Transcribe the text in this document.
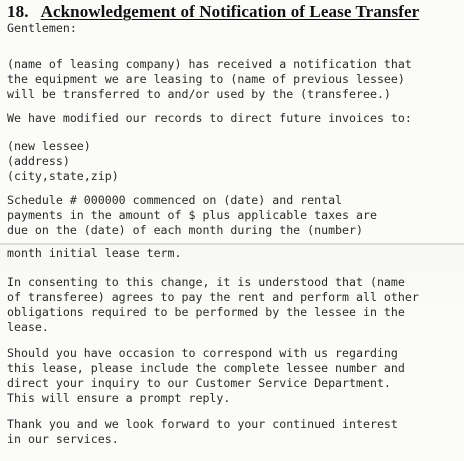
18. Acknowledgement of Notification of Lease Transfer
Gentlemen:
(name of leasing company) has received a notification that
the equipment we are leasing to (name of previous lessee)
will be transferred to and/or used by the (transferee.)
We have modified our records to direct future invoices to:
(new lessee)
(address)
(city,state,zip)
Schedule # 000000 commenced on (date) and rental
payments in the amount of $ plus applicable taxes are
due on the (date) of each month during the (number)
month initial lease term.
In consenting to this change, it is understood that (name
of transferee) agrees to pay the rent and perform all other
obligations required to be performed by the lessee in the
lease.
Should you have occasion to correspond with us regarding
this lease, please include the complete lessee number and
direct your inquiry to our Customer Service Department.
This will ensure a prompt reply.
Thank you and we look forward to your continued interest
in our services.
